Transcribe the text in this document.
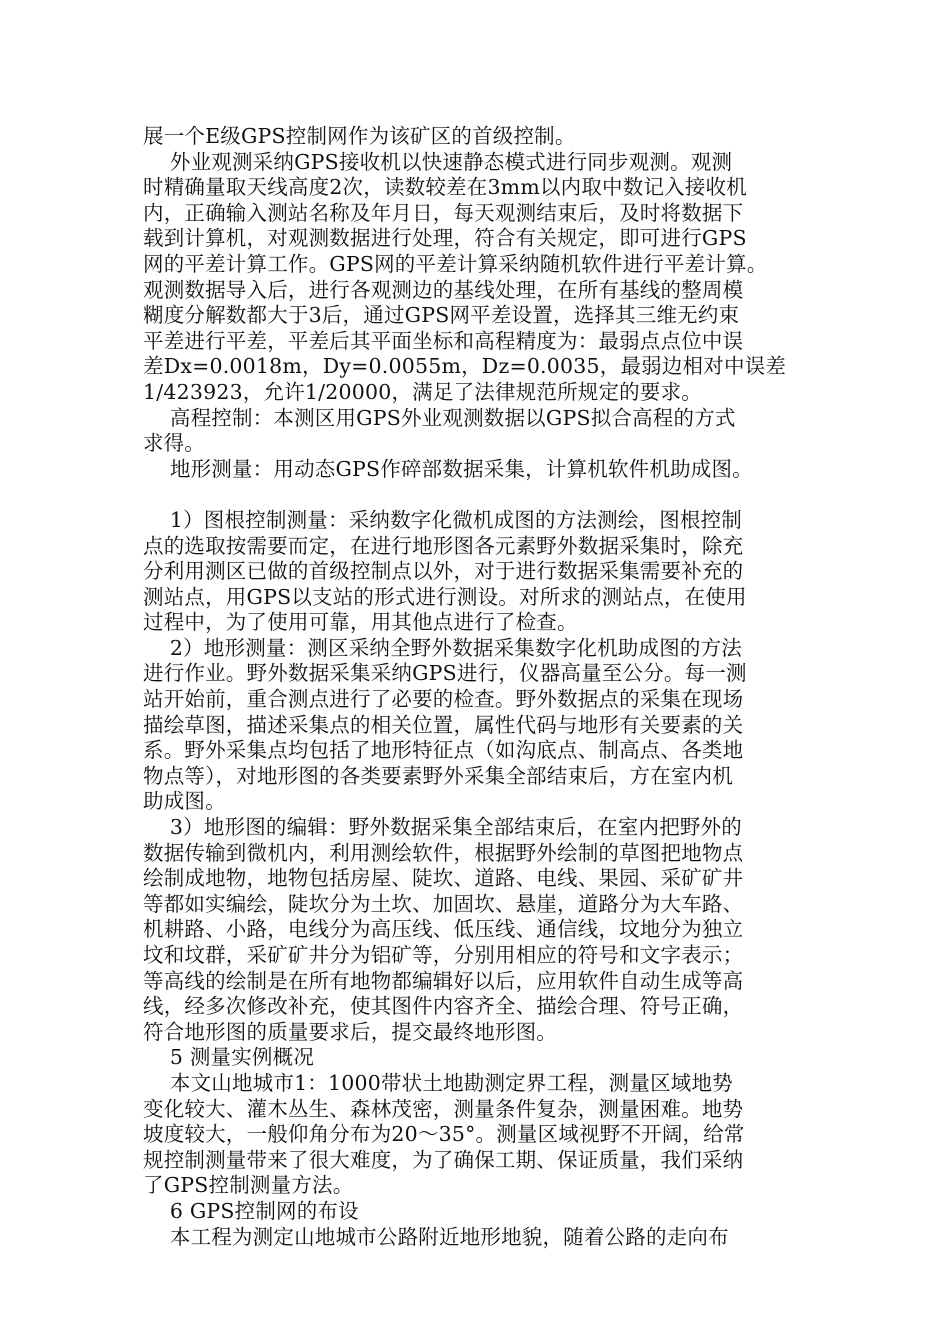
展一个E级GPS控制网作为该矿区的首级控制。
外业观测采纳GPS接收机以快速静态模式进行同步观测。观测
时精确量取天线高度2次，读数较差在3mm以内取中数记入接收机
内，正确输入测站名称及年月日，每天观测结束后，及时将数据下
载到计算机，对观测数据进行处理，符合有关规定，即可进行GPS
网的平差计算工作。GPS网的平差计算采纳随机软件进行平差计算。
观测数据导入后，进行各观测边的基线处理，在所有基线的整周模
糊度分解数都大于3后，通过GPS网平差设置，选择其三维无约束
平差进行平差，平差后其平面坐标和高程精度为：最弱点点位中误
差Dx=0.0018m，Dy=0.0055m，Dz=0.0035，最弱边相对中误差
1/423923，允许1/20000，满足了法律规范所规定的要求。
高程控制：本测区用GPS外业观测数据以GPS拟合高程的方式
求得。
地形测量：用动态GPS作碎部数据采集，计算机软件机助成图。
1）图根控制测量：采纳数字化微机成图的方法测绘，图根控制
点的选取按需要而定，在进行地形图各元素野外数据采集时，除充
分利用测区已做的首级控制点以外，对于进行数据采集需要补充的
测站点，用GPS以支站的形式进行测设。对所求的测站点，在使用
过程中，为了使用可靠，用其他点进行了检查。
2）地形测量：测区采纳全野外数据采集数字化机助成图的方法
进行作业。野外数据采集采纳GPS进行，仪器高量至公分。每一测
站开始前，重合测点进行了必要的检查。野外数据点的采集在现场
描绘草图，描述采集点的相关位置，属性代码与地形有关要素的关
系。野外采集点均包括了地形特征点（如沟底点、制高点、各类地
物点等），对地形图的各类要素野外采集全部结束后，方在室内机
助成图。
3）地形图的编辑：野外数据采集全部结束后，在室内把野外的
数据传输到微机内，利用测绘软件，根据野外绘制的草图把地物点
绘制成地物，地物包括房屋、陡坎、道路、电线、果园、采矿矿井
等都如实编绘，陡坎分为土坎、加固坎、悬崖，道路分为大车路、
机耕路、小路，电线分为高压线、低压线、通信线，坟地分为独立
坟和坟群，采矿矿井分为铝矿等，分别用相应的符号和文字表示；
等高线的绘制是在所有地物都编辑好以后，应用软件自动生成等高
线，经多次修改补充，使其图件内容齐全、描绘合理、符号正确，
符合地形图的质量要求后，提交最终地形图。
5 测量实例概况
本文山地城市1：1000带状土地勘测定界工程，测量区域地势
变化较大、灌木丛生、森林茂密，测量条件复杂，测量困难。地势
坡度较大，一般仰角分布为20～35°。测量区域视野不开阔，给常
规控制测量带来了很大难度，为了确保工期、保证质量，我们采纳
了GPS控制测量方法。
6 GPS控制网的布设
本工程为测定山地城市公路附近地形地貌，随着公路的走向布
